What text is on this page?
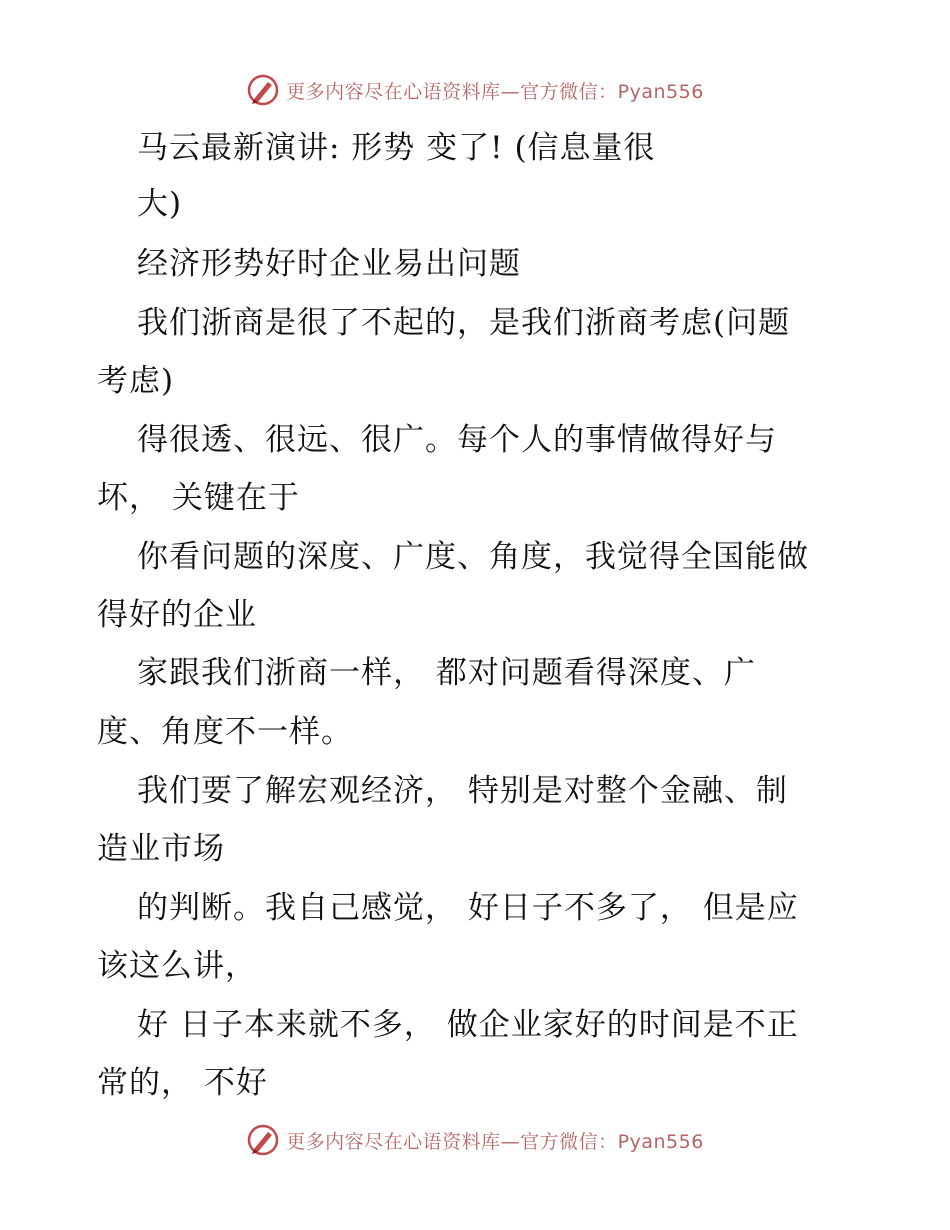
更多内容尽在心语资料库—官方微信：Pyan556
马云最新演讲: 形势 变了! (信息量很
大)
经济形势好时企业易出问题
我们浙商是很了不起的，是我们浙商考虑(问题
考虑)
得很透、很远、很广。每个人的事情做得好与
坏， 关键在于
你看问题的深度、广度、角度，我觉得全国能做
得好的企业
家跟我们浙商一样， 都对问题看得深度、广
度、角度不一样。
我们要了解宏观经济， 特别是对整个金融、制
造业市场
的判断。我自己感觉， 好日子不多了， 但是应
该这么讲，
好 日子本来就不多， 做企业家好的时间是不正
常的， 不好
更多内容尽在心语资料库—官方微信：Pyan556
